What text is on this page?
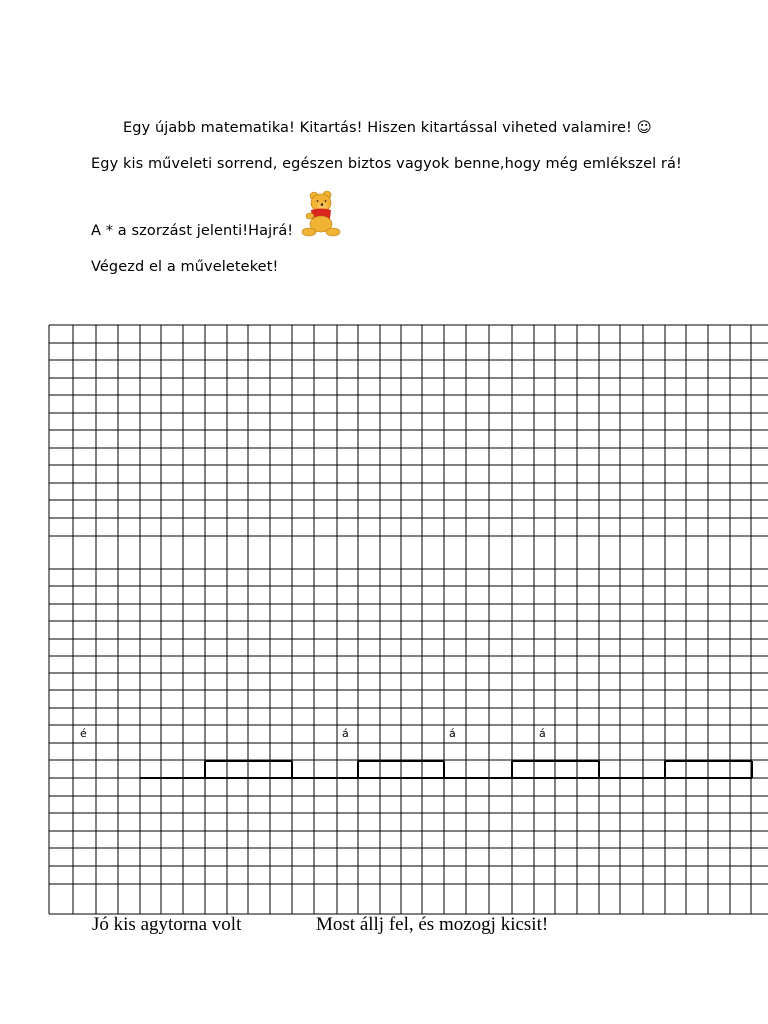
Egy újabb matematika! Kitartás! Hiszen kitartással viheted valamire! ☺
Egy kis műveleti sorrend, egészen biztos vagyok benne,hogy még emlékszel rá!
A * a szorzást jelenti!Hajrá!
Végezd el a műveleteket!
é	á	á	á
Jó kis agytorna volt	Most állj fel, és mozogj kicsit!
